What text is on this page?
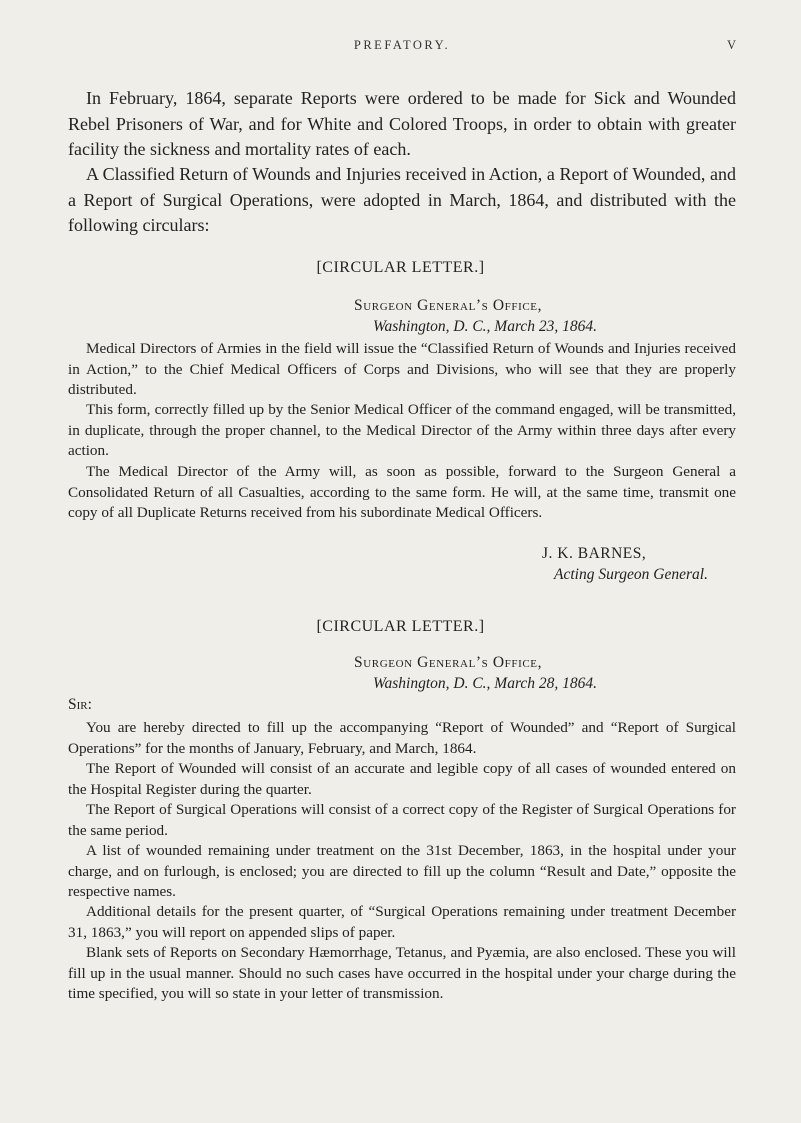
PREFATORY.	V

In February, 1864, separate Reports were ordered to be made for Sick and Wounded Rebel Prisoners of War, and for White and Colored Troops, in order to obtain with greater facility the sickness and mortality rates of each.

A Classified Return of Wounds and Injuries received in Action, a Report of Wounded, and a Report of Surgical Operations, were adopted in March, 1864, and distributed with the following circulars:

[CIRCULAR LETTER.]

Surgeon General’s Office,

Washington, D. C., March 23, 1864.

Medical Directors of Armies in the field will issue the “Classified Return of Wounds and Injuries received in Action,” to the Chief Medical Officers of Corps and Divisions, who will see that they are properly distributed.

This form, correctly filled up by the Senior Medical Officer of the command engaged, will be transmitted, in duplicate, through the proper channel, to the Medical Director of the Army within three days after every action.

The Medical Director of the Army will, as soon as possible, forward to the Surgeon General a Consolidated Return of all Casualties, according to the same form. He will, at the same time, transmit one copy of all Duplicate Returns received from his subordinate Medical Officers.

J. K. BARNES,

Acting Surgeon General.

[CIRCULAR LETTER.]

Surgeon General’s Office,

Washington, D. C., March 28, 1864.

Sir:

You are hereby directed to fill up the accompanying “Report of Wounded” and “Report of Surgical Operations” for the months of January, February, and March, 1864.

The Report of Wounded will consist of an accurate and legible copy of all cases of wounded entered on the Hospital Register during the quarter.

The Report of Surgical Operations will consist of a correct copy of the Register of Surgical Operations for the same period.

A list of wounded remaining under treatment on the 31st December, 1863, in the hospital under your charge, and on furlough, is enclosed; you are directed to fill up the column “Result and Date,” opposite the respective names.

Additional details for the present quarter, of “Surgical Operations remaining under treatment December 31, 1863,” you will report on appended slips of paper.

Blank sets of Reports on Secondary Hæmorrhage, Tetanus, and Pyæmia, are also enclosed. These you will fill up in the usual manner. Should no such cases have occurred in the hospital under your charge during the time specified, you will so state in your letter of transmission.
